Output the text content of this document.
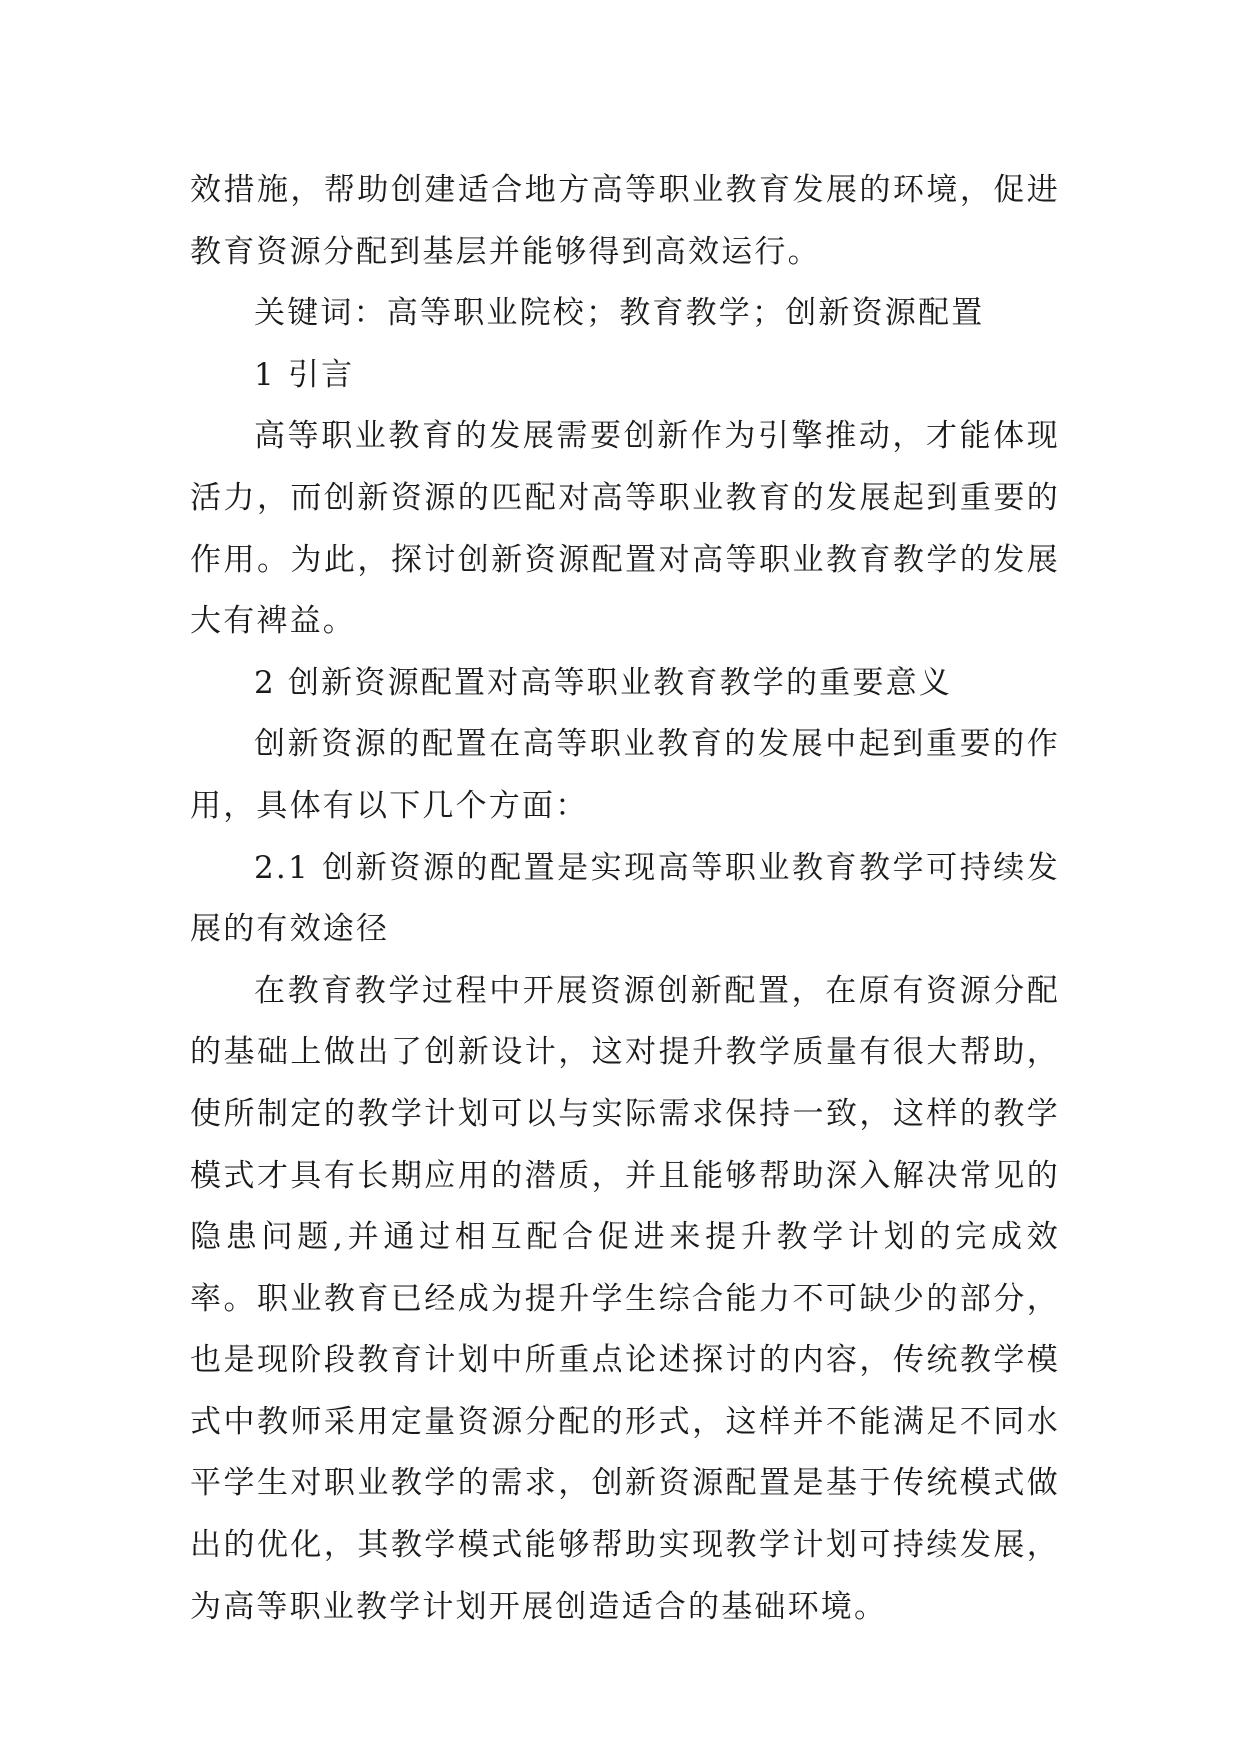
效措施，帮助创建适合地方高等职业教育发展的环境，促进教育资源分配到基层并能够得到高效运行。

关键词：高等职业院校；教育教学；创新资源配置

1 引言

高等职业教育的发展需要创新作为引擎推动，才能体现活力，而创新资源的匹配对高等职业教育的发展起到重要的作用。为此，探讨创新资源配置对高等职业教育教学的发展大有裨益。

2 创新资源配置对高等职业教育教学的重要意义

创新资源的配置在高等职业教育的发展中起到重要的作用，具体有以下几个方面：

2.1 创新资源的配置是实现高等职业教育教学可持续发展的有效途径

在教育教学过程中开展资源创新配置，在原有资源分配的基础上做出了创新设计，这对提升教学质量有很大帮助，使所制定的教学计划可以与实际需求保持一致，这样的教学模式才具有长期应用的潜质，并且能够帮助深入解决常见的隐患问题,并通过相互配合促进来提升教学计划的完成效率。职业教育已经成为提升学生综合能力不可缺少的部分，也是现阶段教育计划中所重点论述探讨的内容，传统教学模式中教师采用定量资源分配的形式，这样并不能满足不同水平学生对职业教学的需求，创新资源配置是基于传统模式做出的优化，其教学模式能够帮助实现教学计划可持续发展，为高等职业教学计划开展创造适合的基础环境。
